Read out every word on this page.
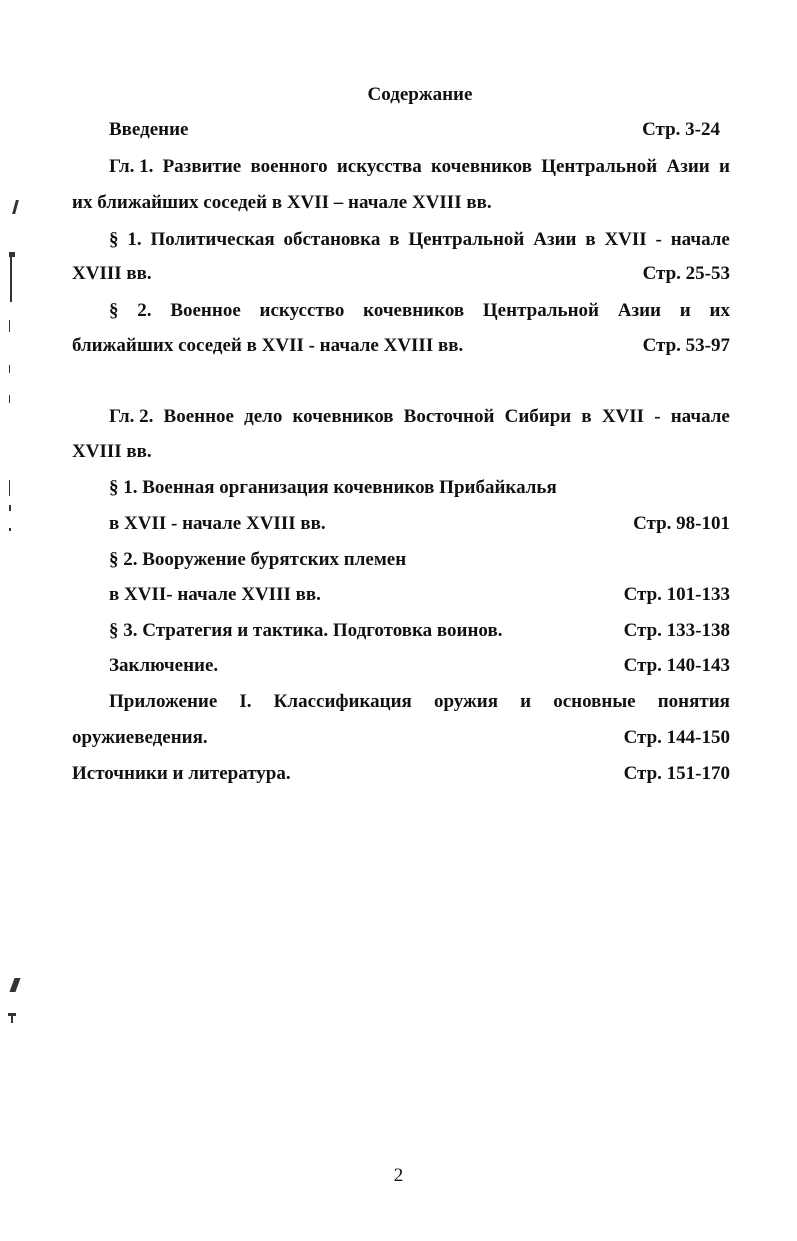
Содержание
Введение	Стр. 3-24
Гл. 1. Развитие военного искусства кочевников Центральной Азии и
их ближайших соседей в XVII – начале XVIII вв.
§ 1. Политическая обстановка в Центральной Азии в XVII - начале
XVIII вв.	Стр. 25-53
§ 2. Военное искусство кочевников Центральной Азии и их
ближайших соседей в XVII - начале XVIII вв.	Стр. 53-97
Гл. 2. Военное дело кочевников Восточной Сибири в XVII - начале
XVIII вв.
§ 1. Военная организация кочевников Прибайкалья
в XVII - начале XVIII вв.	Стр. 98-101
§ 2. Вооружение бурятских племен
в XVII- начале XVIII вв.	Стр. 101-133
§ 3. Стратегия и тактика. Подготовка воинов.	Стр. 133-138
Заключение.	Стр. 140-143
Приложение I. Классификация оружия и основные понятия
оружиеведения.	Стр. 144-150
Источники и литература.	Стр. 151-170
2
